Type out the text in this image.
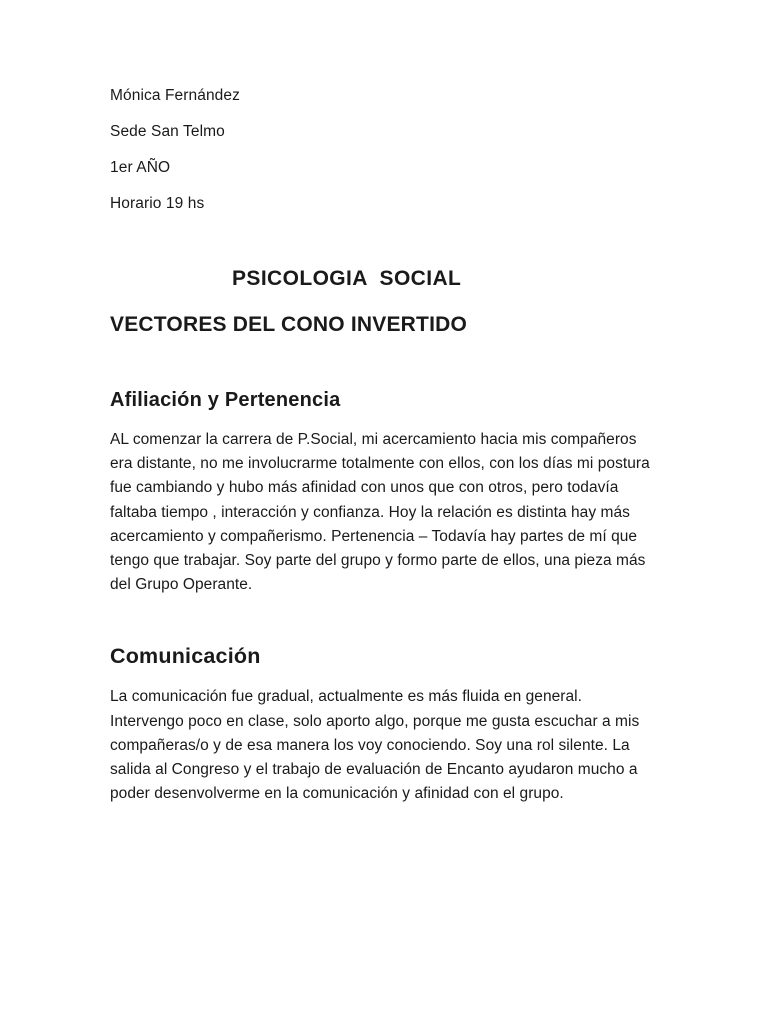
Mónica Fernández

Sede San Telmo

1er AÑO

Horario 19 hs

PSICOLOGIA  SOCIAL
VECTORES DEL CONO INVERTIDO
Afiliación y Pertenencia

AL comenzar la carrera de P.Social, mi acercamiento hacia mis compañeros era distante, no me involucrarme totalmente con ellos, con los días mi postura fue cambiando y hubo más afinidad con unos que con otros, pero todavía faltaba tiempo , interacción y confianza. Hoy la relación es distinta hay más acercamiento y compañerismo. Pertenencia – Todavía hay partes de mí que tengo que trabajar. Soy parte del grupo y formo parte de ellos, una pieza más del Grupo Operante.

Comunicación

La comunicación fue gradual, actualmente es más fluida en general. Intervengo poco en clase, solo aporto algo, porque me gusta escuchar a mis compañeras/o y de esa manera los voy conociendo. Soy una rol silente. La salida al Congreso y el trabajo de evaluación de Encanto ayudaron mucho a poder desenvolverme en la comunicación y afinidad con el grupo.
